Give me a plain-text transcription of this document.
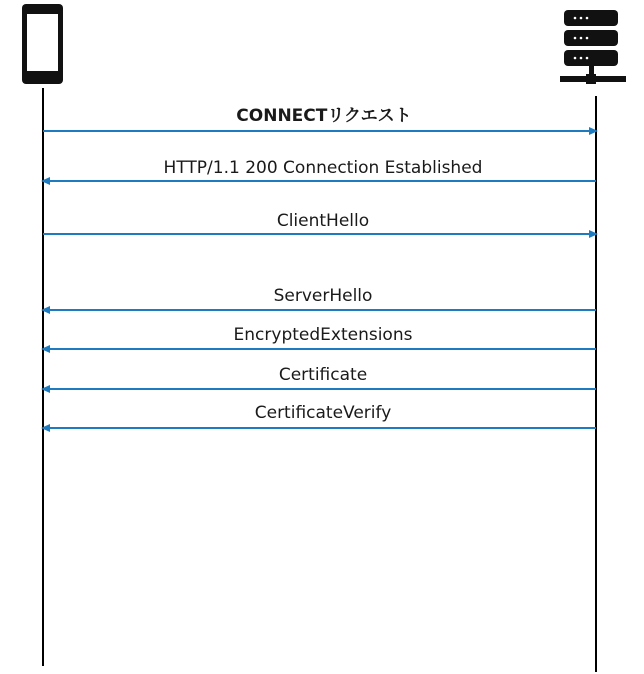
CONNECTリクエスト
HTTP/1.1 200 Connection Established
ClientHello
ServerHello
EncryptedExtensions
Certificate
CertificateVerify
